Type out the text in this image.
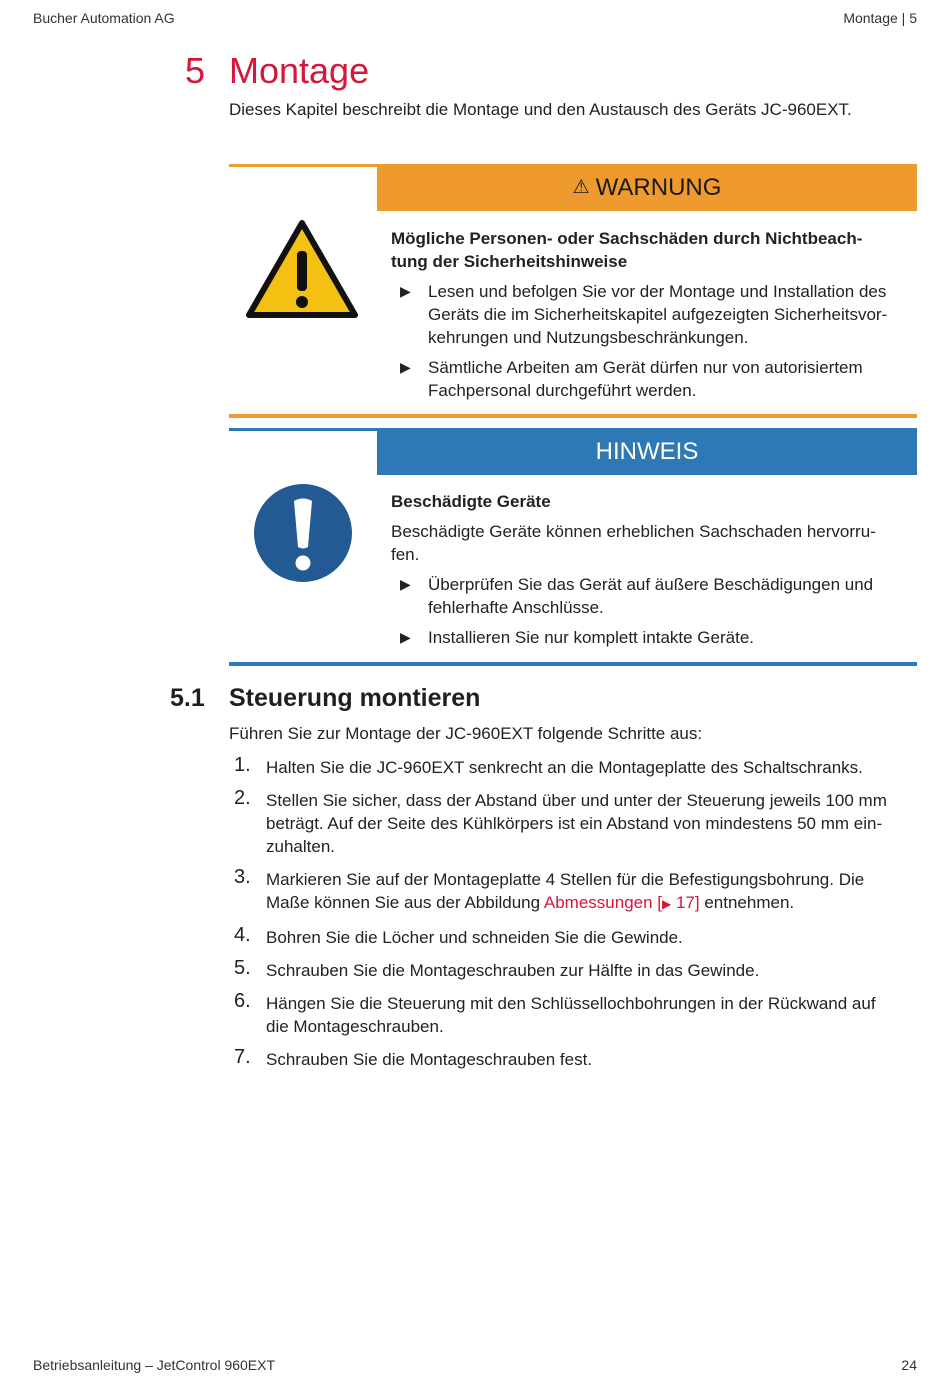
Bucher Automation AG	Montage | 5
5 Montage
Dieses Kapitel beschreibt die Montage und den Austausch des Geräts JC-960EXT.
⚠ WARNUNG
Mögliche Personen- oder Sachschäden durch Nichtbeach-
tung der Sicherheitshinweise
▶ Lesen und befolgen Sie vor der Montage und Installation des
Geräts die im Sicherheitskapitel aufgezeigten Sicherheitsvor-
kehrungen und Nutzungsbeschränkungen.
▶ Sämtliche Arbeiten am Gerät dürfen nur von autorisiertem
Fachpersonal durchgeführt werden.
HINWEIS
Beschädigte Geräte
Beschädigte Geräte können erheblichen Sachschaden hervorru-
fen.
▶ Überprüfen Sie das Gerät auf äußere Beschädigungen und
fehlerhafte Anschlüsse.
▶ Installieren Sie nur komplett intakte Geräte.
5.1 Steuerung montieren
Führen Sie zur Montage der JC-960EXT folgende Schritte aus:
1. Halten Sie die JC-960EXT senkrecht an die Montageplatte des Schaltschranks.
2. Stellen Sie sicher, dass der Abstand über und unter der Steuerung jeweils 100 mm
beträgt. Auf der Seite des Kühlkörpers ist ein Abstand von mindestens 50 mm ein-
zuhalten.
3. Markieren Sie auf der Montageplatte 4 Stellen für die Befestigungsbohrung. Die
Maße können Sie aus der Abbildung Abmessungen [▶ 17] entnehmen.
4. Bohren Sie die Löcher und schneiden Sie die Gewinde.
5. Schrauben Sie die Montageschrauben zur Hälfte in das Gewinde.
6. Hängen Sie die Steuerung mit den Schlüssellochbohrungen in der Rückwand auf
die Montageschrauben.
7. Schrauben Sie die Montageschrauben fest.
Betriebsanleitung – JetControl 960EXT	24
